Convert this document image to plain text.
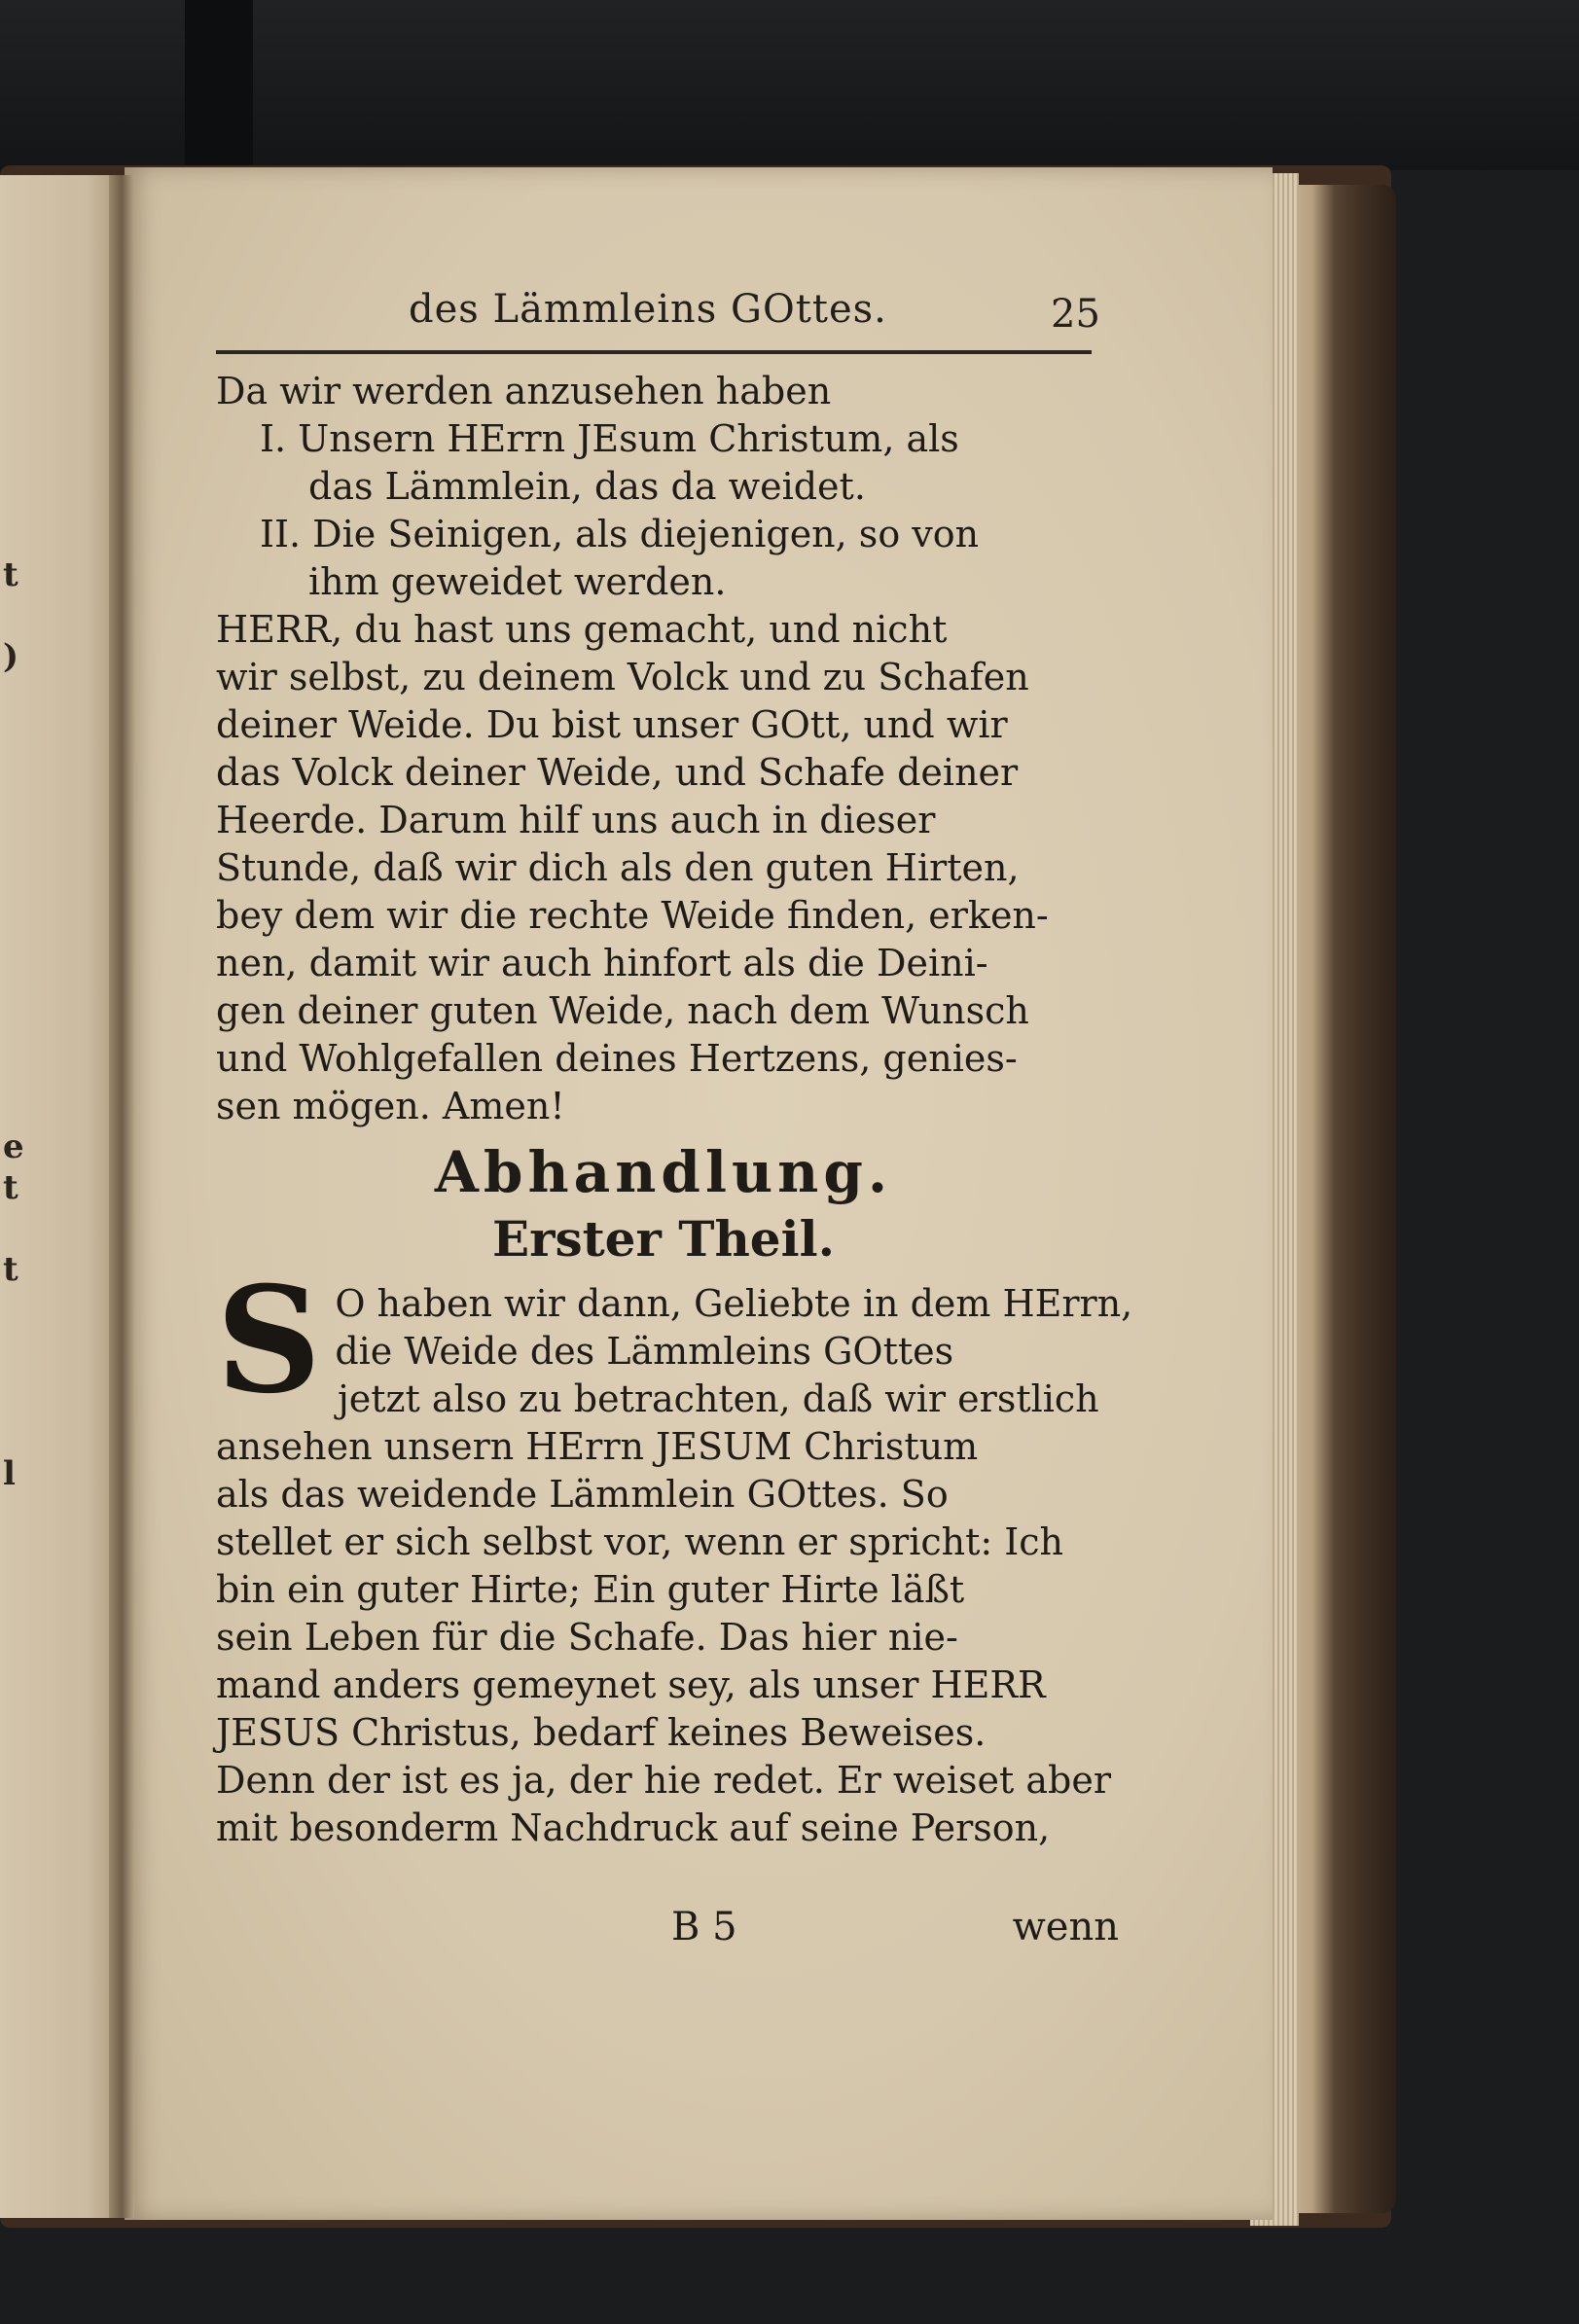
t
)
e
t
t
l
des Lämmleins GOttes.	25

Da wir werden anzusehen haben

I. Unsern HErrn JEsum Christum, als

das Lämmlein, das da weidet.

II. Die Seinigen, als diejenigen, so von

ihm geweidet werden.

HERR, du hast uns gemacht, und nicht

wir selbst, zu deinem Volck und zu Schafen

deiner Weide. Du bist unser GOtt, und wir

das Volck deiner Weide, und Schafe deiner

Heerde. Darum hilf uns auch in dieser

Stunde, daß wir dich als den guten Hirten,

bey dem wir die rechte Weide finden, erken-

nen, damit wir auch hinfort als die Deini-

gen deiner guten Weide, nach dem Wunsch

und Wohlgefallen deines Hertzens, genies-

sen mögen. Amen!

Abhandlung.
Erster Theil.
S O haben wir dann, Geliebte in dem HErrn,

die Weide des Lämmleins GOttes

jetzt also zu betrachten, daß wir erstlich

ansehen unsern HErrn JESUM Christum

als das weidende Lämmlein GOttes. So

stellet er sich selbst vor, wenn er spricht: Ich

bin ein guter Hirte; Ein guter Hirte läßt

sein Leben für die Schafe. Das hier nie-

mand anders gemeynet sey, als unser HERR

JESUS Christus, bedarf keines Beweises.

Denn der ist es ja, der hie redet. Er weiset aber

mit besonderm Nachdruck auf seine Person,

B 5	wenn
